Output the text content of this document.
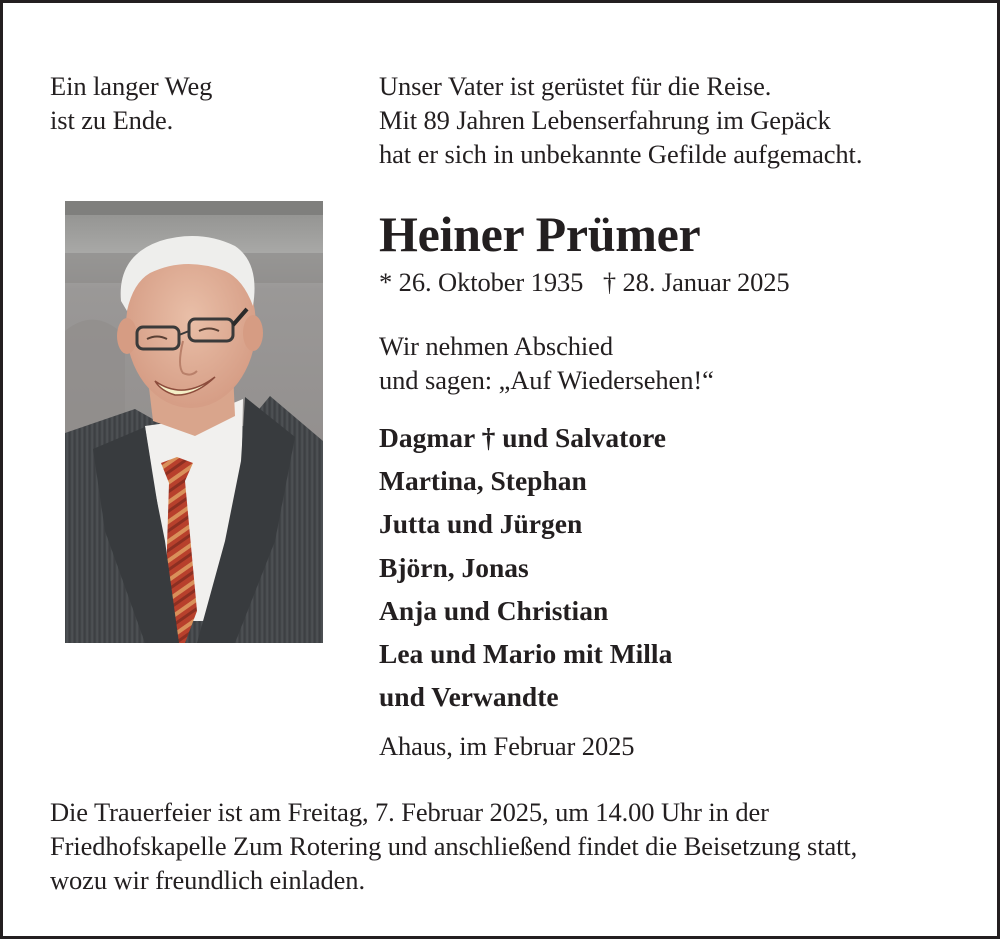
Ein langer Weg
ist zu Ende.
Unser Vater ist gerüstet für die Reise.
Mit 89 Jahren Lebenserfahrung im Gepäck
hat er sich in unbekannte Gefilde aufgemacht.
Heiner Prümer
* 26. Oktober 1935   † 28. Januar 2025
Wir nehmen Abschied
und sagen: „Auf Wiedersehen!“
Dagmar † und Salvatore
Martina, Stephan
Jutta und Jürgen
Björn, Jonas
Anja und Christian
Lea und Mario mit Milla
und Verwandte
Ahaus, im Februar 2025
Die Trauerfeier ist am Freitag, 7. Februar 2025, um 14.00 Uhr in der
Friedhofskapelle Zum Rotering und anschließend findet die Beisetzung statt,
wozu wir freundlich einladen.
